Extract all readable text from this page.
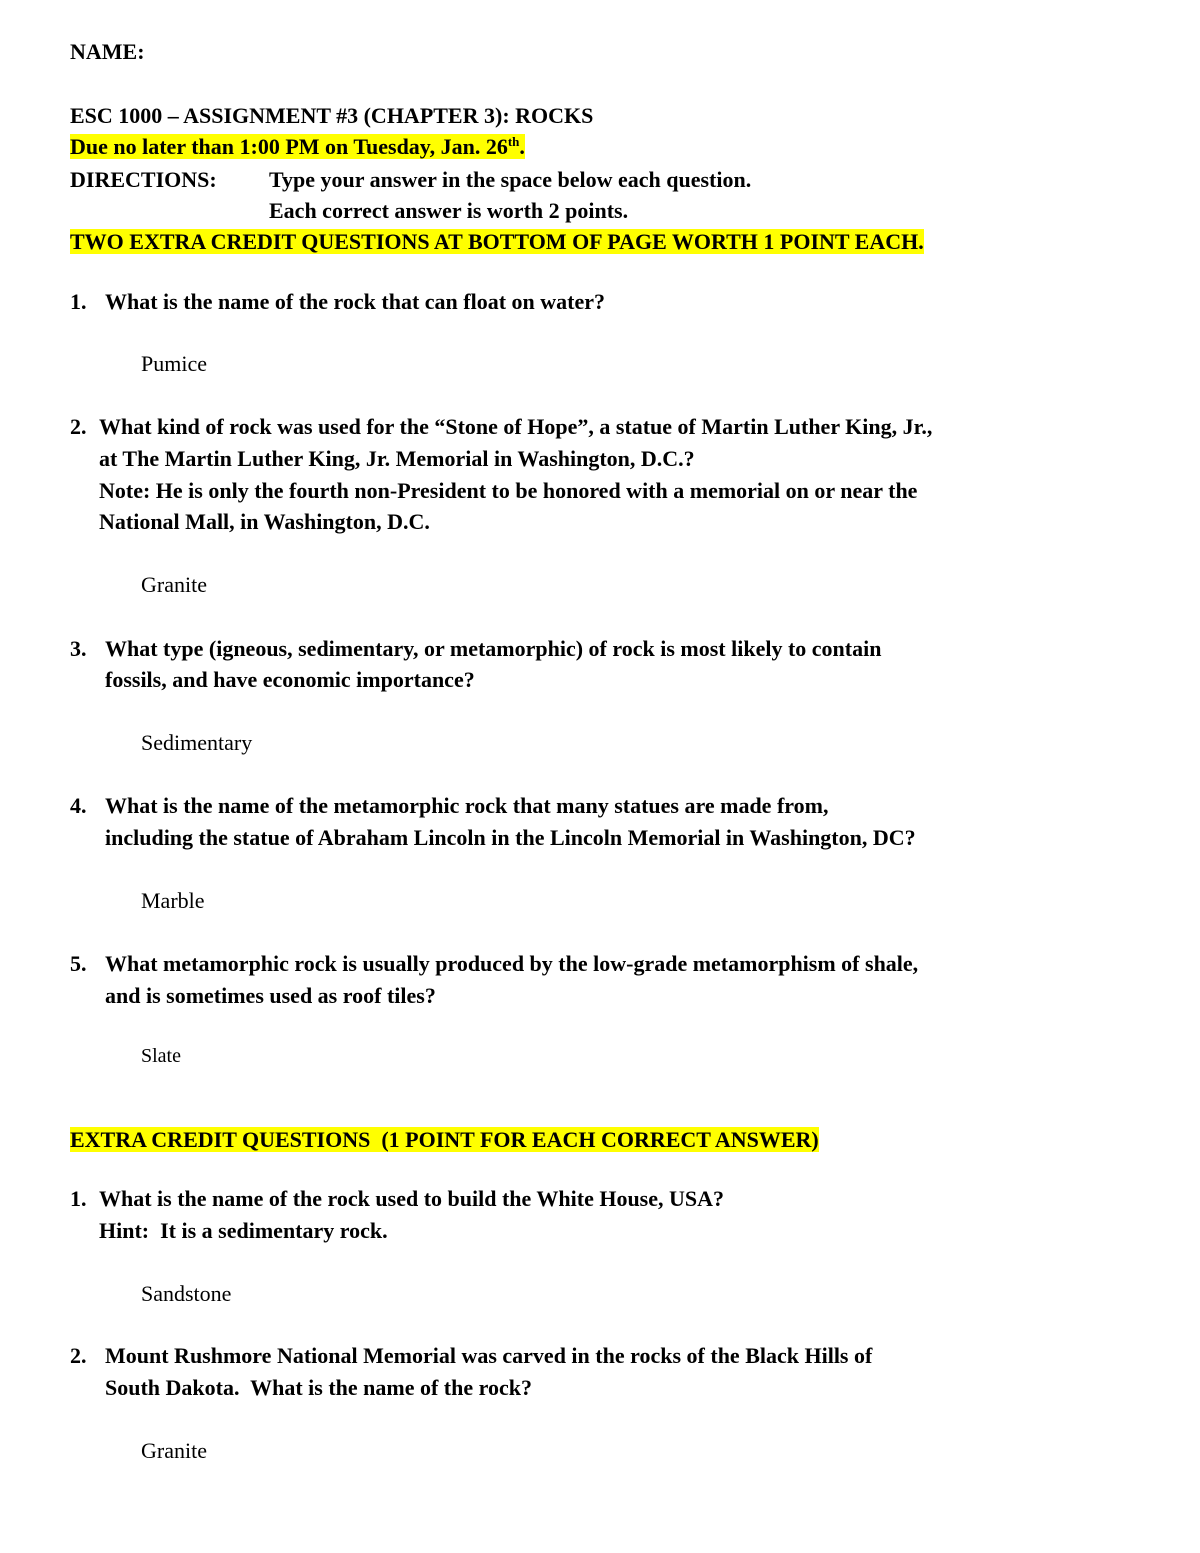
NAME:
ESC 1000 – ASSIGNMENT #3 (CHAPTER 3): ROCKS
Due no later than 1:00 PM on Tuesday, Jan. 26th.
DIRECTIONS: Type your answer in the space below each question.
Each correct answer is worth 2 points.
TWO EXTRA CREDIT QUESTIONS AT BOTTOM OF PAGE WORTH 1 POINT EACH.
1. What is the name of the rock that can float on water?
Pumice
2. What kind of rock was used for the “Stone of Hope”, a statue of Martin Luther King, Jr.,
at The Martin Luther King, Jr. Memorial in Washington, D.C.?
Note: He is only the fourth non-President to be honored with a memorial on or near the
National Mall, in Washington, D.C.
Granite
3. What type (igneous, sedimentary, or metamorphic) of rock is most likely to contain
fossils, and have economic importance?
Sedimentary
4. What is the name of the metamorphic rock that many statues are made from,
including the statue of Abraham Lincoln in the Lincoln Memorial in Washington, DC?
Marble
5. What metamorphic rock is usually produced by the low-grade metamorphism of shale,
and is sometimes used as roof tiles?
Slate
EXTRA CREDIT QUESTIONS  (1 POINT FOR EACH CORRECT ANSWER)
1. What is the name of the rock used to build the White House, USA?
Hint:  It is a sedimentary rock.
Sandstone
2. Mount Rushmore National Memorial was carved in the rocks of the Black Hills of
South Dakota.  What is the name of the rock?
Granite
